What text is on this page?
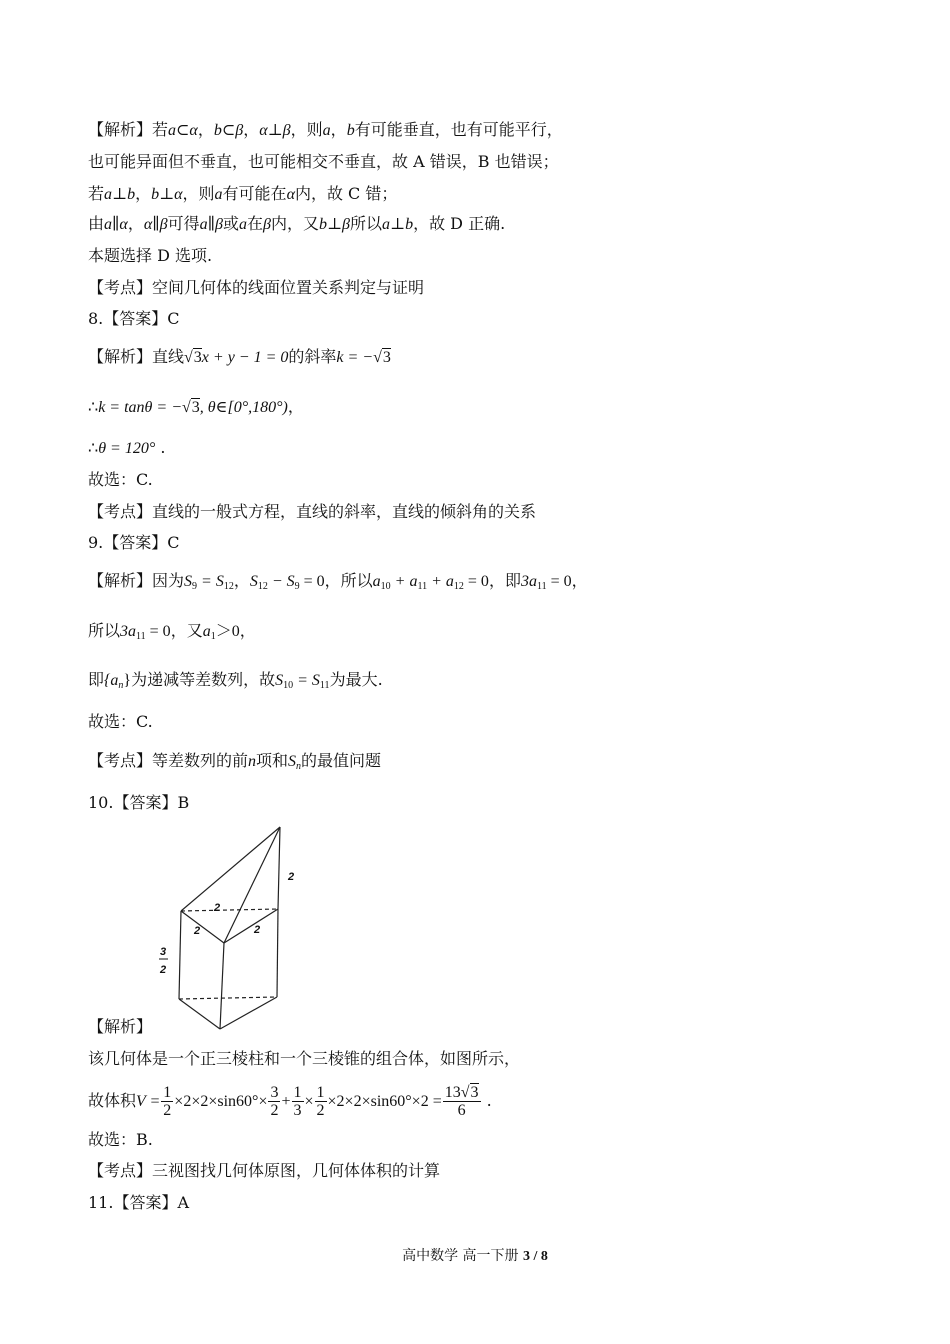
【解析】若a⊂α，b⊂β，α⊥β，则a，b有可能垂直，也有可能平行，
也可能异面但不垂直，也可能相交不垂直，故 A 错误，B 也错误；
若a⊥b，b⊥α，则a有可能在α内，故 C 错；
由a∥α，α∥β可得a∥β或a在β内，又b⊥β所以a⊥b，故 D 正确.
本题选择 D 选项.
【考点】空间几何体的线面位置关系判定与证明
8.【答案】C
【解析】直线√3x + y − 1 = 0的斜率k = −√3
∴k = tanθ = −√3, θ∈[0°,180°)，
∴θ = 120° .
故选：C.
【考点】直线的一般式方程，直线的斜率，直线的倾斜角的关系
9.【答案】C
【解析】因为$S_9 = S_{12}$，$S_{12} - S_9 = 0$，所以$a_{10} + a_{11} + a_{12} = 0$，即$3a_{11} = 0$，
所以$3a_{11} = 0$，又$a_1>0$，
即$\{a_n\}$为递减等差数列，故$S_{10} = S_{11}$为最大.
故选：C.
【考点】等差数列的前n项和$S_n$的最值问题
10.【答案】B
2
2
2	2
3
2
【解析】
该几何体是一个正三棱柱和一个三棱锥的组合体，如图所示，
故体积$V = \frac{1}{2} \times 2\times 2\times\sin 60^\circ\times \frac{3}{2} + \frac{1}{3} \times \frac{1}{2} \times 2\times 2\times\sin 60^\circ\times 2 = \frac{13√3}{6}$ .
故选：B.
【考点】三视图找几何体原图，几何体体积的计算
11.【答案】A
高中数学 高一下册 3 / 8
